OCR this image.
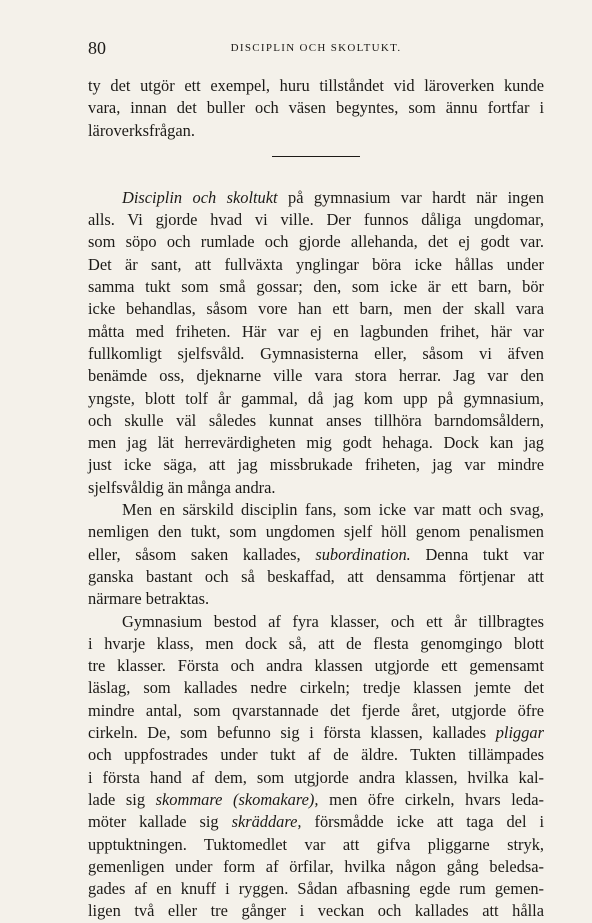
80	DISCIPLIN OCH SKOLTUKT.
ty det utgör ett exempel, huru tillståndet vid läroverken kunde
vara, innan det buller och väsen begyntes, som ännu fortfar i
läroverksfrågan.
Disciplin och skoltukt på gymnasium var hardt när ingen
alls. Vi gjorde hvad vi ville. Der funnos dåliga ungdomar,
som söpo och rumlade och gjorde allehanda, det ej godt var.
Det är sant, att fullväxta ynglingar böra icke hållas under
samma tukt som små gossar; den, som icke är ett barn, bör
icke behandlas, såsom vore han ett barn, men der skall vara
måtta med friheten. Här var ej en lagbunden frihet, här var
fullkomligt sjelfsvåld. Gymnasisterna eller, såsom vi äfven
benämde oss, djeknarne ville vara stora herrar. Jag var den
yngste, blott tolf år gammal, då jag kom upp på gymnasium,
och skulle väl således kunnat anses tillhöra barndomsåldern,
men jag lät herrevärdigheten mig godt hehaga. Dock kan jag
just icke säga, att jag missbrukade friheten, jag var mindre
sjelfsvåldig än många andra.
Men en särskild disciplin fans, som icke var matt och svag,
nemligen den tukt, som ungdomen sjelf höll genom penalismen
eller, såsom saken kallades, subordination. Denna tukt var
ganska bastant och så beskaffad, att densamma förtjenar att
närmare betraktas.
Gymnasium bestod af fyra klasser, och ett år tillbragtes
i hvarje klass, men dock så, att de flesta genomgingo blott
tre klasser. Första och andra klassen utgjorde ett gemensamt
läslag, som kallades nedre cirkeln; tredje klassen jemte det
mindre antal, som qvarstannade det fjerde året, utgjorde öfre
cirkeln. De, som befunno sig i första klassen, kallades pliggar
och uppfostrades under tukt af de äldre. Tukten tillämpades
i första hand af dem, som utgjorde andra klassen, hvilka kal-
lade sig skommare (skomakare), men öfre cirkeln, hvars leda-
möter kallade sig skräddare, försmådde icke att taga del i
upptuktningen. Tuktomedlet var att gifva pliggarne stryk,
gemenligen under form af örfilar, hvilka någon gång beledsa-
gades af en knuff i ryggen. Sådan afbasning egde rum gemen-
ligen två eller tre gånger i veckan och kallades att hålla
